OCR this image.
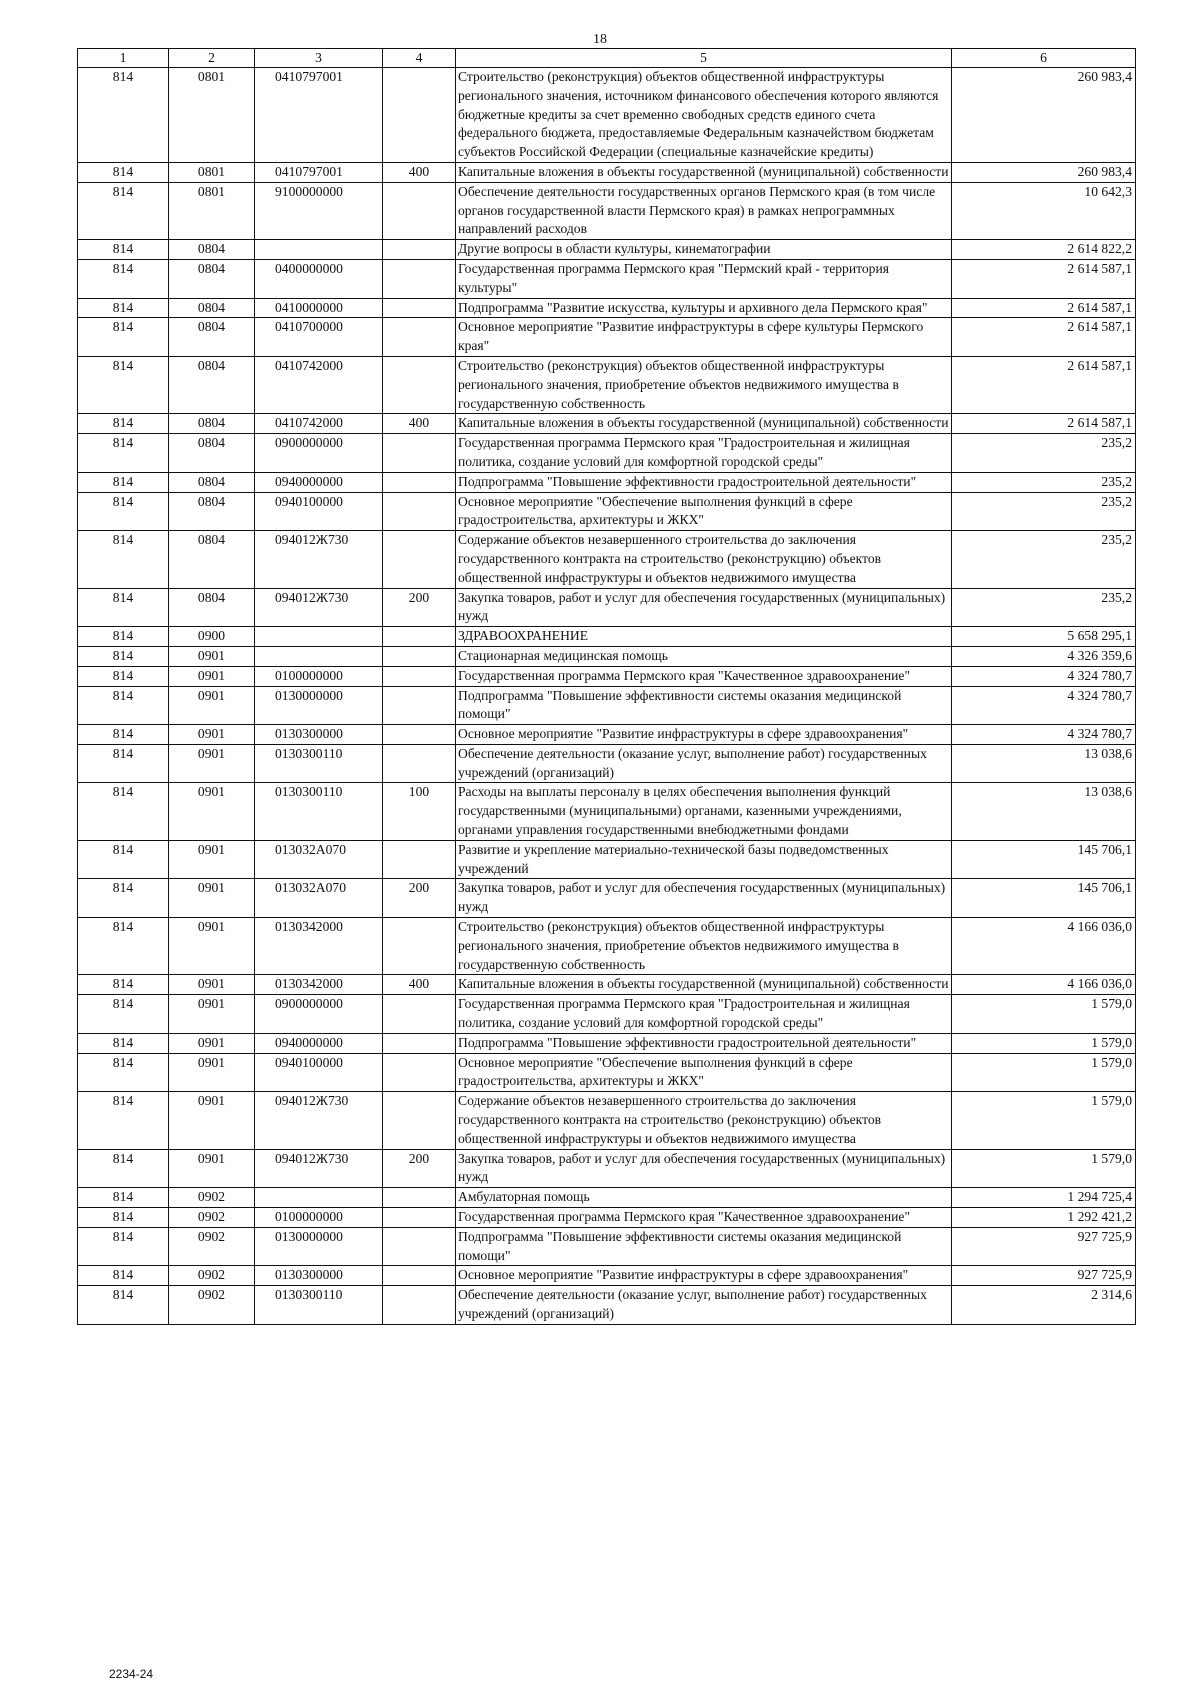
18
1	2	3	4	5	6
814	0801	0410797001		Строительство (реконструкция) объектов общественной инфраструктуры регионального значения, источником финансового обеспечения которого являются бюджетные кредиты за счет временно свободных средств единого счета федерального бюджета, предоставляемые Федеральным казначейством бюджетам субъектов Российской Федерации (специальные казначейские кредиты)	260 983,4
814	0801	0410797001	400	Капитальные вложения в объекты государственной (муниципальной) собственности	260 983,4
814	0801	9100000000		Обеспечение деятельности государственных органов Пермского края (в том числе органов государственной власти Пермского края) в рамках непрограммных направлений расходов	10 642,3
814	0804			Другие вопросы в области культуры, кинематографии	2 614 822,2
814	0804	0400000000		Государственная программа Пермского края "Пермский край - территория культуры"	2 614 587,1
814	0804	0410000000		Подпрограмма "Развитие искусства, культуры и архивного дела Пермского края"	2 614 587,1
814	0804	0410700000		Основное мероприятие "Развитие инфраструктуры в сфере культуры Пермского края"	2 614 587,1
814	0804	0410742000		Строительство (реконструкция) объектов общественной инфраструктуры регионального значения, приобретение объектов недвижимого имущества в государственную собственность	2 614 587,1
814	0804	0410742000	400	Капитальные вложения в объекты государственной (муниципальной) собственности	2 614 587,1
814	0804	0900000000		Государственная программа Пермского края "Градостроительная и жилищная политика, создание условий для комфортной городской среды"	235,2
814	0804	0940000000		Подпрограмма "Повышение эффективности градостроительной деятельности"	235,2
814	0804	0940100000		Основное мероприятие "Обеспечение выполнения функций в сфере градостроительства, архитектуры и ЖКХ"	235,2
814	0804	094012Ж730		Содержание объектов незавершенного строительства до заключения государственного контракта на строительство (реконструкцию) объектов общественной инфраструктуры и объектов недвижимого имущества	235,2
814	0804	094012Ж730	200	Закупка товаров, работ и услуг для обеспечения государственных (муниципальных) нужд	235,2
814	0900			ЗДРАВООХРАНЕНИЕ	5 658 295,1
814	0901			Стационарная медицинская помощь	4 326 359,6
814	0901	0100000000		Государственная программа Пермского края "Качественное здравоохранение"	4 324 780,7
814	0901	0130000000		Подпрограмма "Повышение эффективности системы оказания медицинской помощи"	4 324 780,7
814	0901	0130300000		Основное мероприятие "Развитие инфраструктуры в сфере здравоохранения"	4 324 780,7
814	0901	0130300110		Обеспечение деятельности (оказание услуг, выполнение работ) государственных учреждений (организаций)	13 038,6
814	0901	0130300110	100	Расходы на выплаты персоналу в целях обеспечения выполнения функций государственными (муниципальными) органами, казенными учреждениями, органами управления государственными внебюджетными фондами	13 038,6
814	0901	013032А070		Развитие и укрепление материально-технической базы подведомственных учреждений	145 706,1
814	0901	013032А070	200	Закупка товаров, работ и услуг для обеспечения государственных (муниципальных) нужд	145 706,1
814	0901	0130342000		Строительство (реконструкция) объектов общественной инфраструктуры регионального значения, приобретение объектов недвижимого имущества в государственную собственность	4 166 036,0
814	0901	0130342000	400	Капитальные вложения в объекты государственной (муниципальной) собственности	4 166 036,0
814	0901	0900000000		Государственная программа Пермского края "Градостроительная и жилищная политика, создание условий для комфортной городской среды"	1 579,0
814	0901	0940000000		Подпрограмма "Повышение эффективности градостроительной деятельности"	1 579,0
814	0901	0940100000		Основное мероприятие "Обеспечение выполнения функций в сфере градостроительства, архитектуры и ЖКХ"	1 579,0
814	0901	094012Ж730		Содержание объектов незавершенного строительства до заключения государственного контракта на строительство (реконструкцию) объектов общественной инфраструктуры и объектов недвижимого имущества	1 579,0
814	0901	094012Ж730	200	Закупка товаров, работ и услуг для обеспечения государственных (муниципальных) нужд	1 579,0
814	0902			Амбулаторная помощь	1 294 725,4
814	0902	0100000000		Государственная программа Пермского края "Качественное здравоохранение"	1 292 421,2
814	0902	0130000000		Подпрограмма "Повышение эффективности системы оказания медицинской помощи"	927 725,9
814	0902	0130300000		Основное мероприятие "Развитие инфраструктуры в сфере здравоохранения"	927 725,9
814	0902	0130300110		Обеспечение деятельности (оказание услуг, выполнение работ) государственных учреждений (организаций)	2 314,6
2234-24
